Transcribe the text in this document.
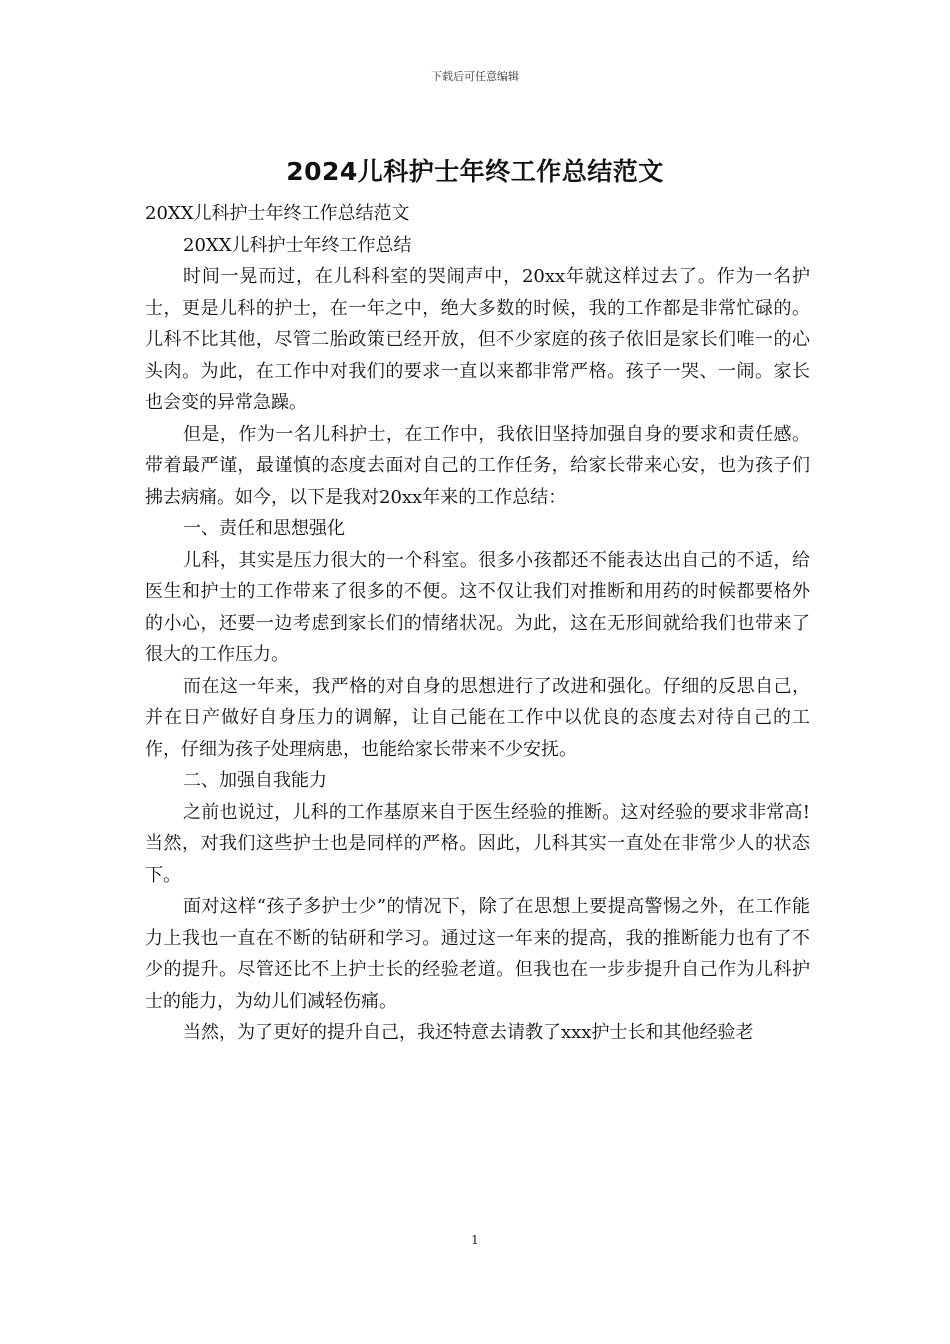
下载后可任意编辑
2024儿科护士年终工作总结范文

20XX儿科护士年终工作总结范文

20XX儿科护士年终工作总结

时间一晃而过，在儿科科室的哭闹声中，20xx年就这样过去了。作为一名护士，更是儿科的护士，在一年之中，绝大多数的时候，我的工作都是非常忙碌的。儿科不比其他，尽管二胎政策已经开放，但不少家庭的孩子依旧是家长们唯一的心头肉。为此，在工作中对我们的要求一直以来都非常严格。孩子一哭、一闹。家长也会变的异常急躁。

但是，作为一名儿科护士，在工作中，我依旧坚持加强自身的要求和责任感。带着最严谨，最谨慎的态度去面对自己的工作任务，给家长带来心安，也为孩子们拂去病痛。如今，以下是我对20xx年来的工作总结：

一、责任和思想强化

儿科，其实是压力很大的一个科室。很多小孩都还不能表达出自己的不适，给医生和护士的工作带来了很多的不便。这不仅让我们对推断和用药的时候都要格外的小心，还要一边考虑到家长们的情绪状况。为此，这在无形间就给我们也带来了很大的工作压力。

而在这一年来，我严格的对自身的思想进行了改进和强化。仔细的反思自己，并在日产做好自身压力的调解，让自己能在工作中以优良的态度去对待自己的工作，仔细为孩子处理病患，也能给家长带来不少安抚。

二、加强自我能力

之前也说过，儿科的工作基原来自于医生经验的推断。这对经验的要求非常高!当然，对我们这些护士也是同样的严格。因此，儿科其实一直处在非常少人的状态下。

面对这样“孩子多护士少”的情况下，除了在思想上要提高警惕之外，在工作能力上我也一直在不断的钻研和学习。通过这一年来的提高，我的推断能力也有了不少的提升。尽管还比不上护士长的经验老道。但我也在一步步提升自己作为儿科护士的能力，为幼儿们减轻伤痛。

当然，为了更好的提升自己，我还特意去请教了xxx护士长和其他经验老

1
